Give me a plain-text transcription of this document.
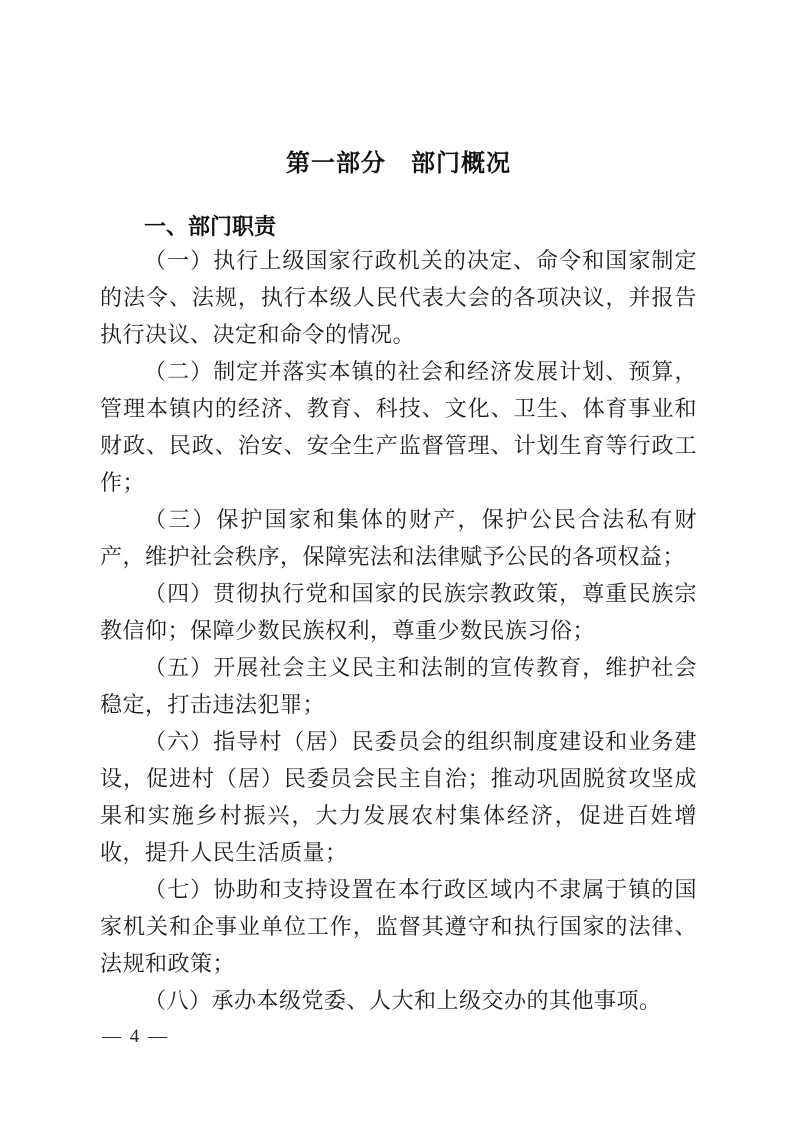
第一部分　部门概况
一、部门职责

（一）执行上级国家行政机关的决定、命令和国家制定的法令、法规，执行本级人民代表大会的各项决议，并报告执行决议、决定和命令的情况。

（二）制定并落实本镇的社会和经济发展计划、预算，管理本镇内的经济、教育、科技、文化、卫生、体育事业和财政、民政、治安、安全生产监督管理、计划生育等行政工作；

（三）保护国家和集体的财产，保护公民合法私有财产，维护社会秩序，保障宪法和法律赋予公民的各项权益；

（四）贯彻执行党和国家的民族宗教政策，尊重民族宗教信仰；保障少数民族权利，尊重少数民族习俗；

（五）开展社会主义民主和法制的宣传教育，维护社会稳定，打击违法犯罪；

（六）指导村（居）民委员会的组织制度建设和业务建设，促进村（居）民委员会民主自治；推动巩固脱贫攻坚成果和实施乡村振兴，大力发展农村集体经济，促进百姓增收，提升人民生活质量；

（七）协助和支持设置在本行政区域内不隶属于镇的国家机关和企事业单位工作，监督其遵守和执行国家的法律、法规和政策；

（八）承办本级党委、人大和上级交办的其他事项。

— 4 —
